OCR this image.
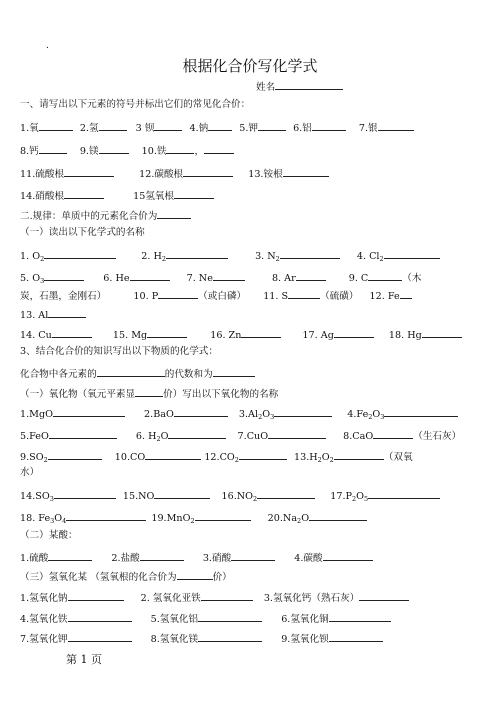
.
根据化合价写化学式
姓名
一、请写出以下元素的符号并标出它们的常见化合价：
1.氧	2.氢	3 钡	4.钠	5.钾	6.铝	7.银
8.钙	9.镁	10.铁	，
11.硫酸根	12.碳酸根	13.铵根
14.硝酸根	15氢氧根
二.规律：单质中的元素化合价为
（一）读出以下化学式的名称
1. $O_2$	2. $H_2$	3. $N_2$	4. $Cl_2$
5. $O_3$	6. He	7. Ne	8. Ar	9. C	（木
炭，石墨，金刚石）	10. P	（或白磷） 11. S	（硫磺） 12. Fe
13. Al
14. Cu	15. Mg	16. Zn	17. Ag	18. Hg
3、结合化合价的知识写出以下物质的化学式：
化合物中各元素的	的代数和为
（一）氧化物（氧元平素显	价）写出以下氧化物的名称
1.MgO	2.BaO	$3.Al_2O_3$	$4.Fe_2O_3$
5.FeO	6. $H_2O$	7.CuO	8.CaO	（生石灰）
$9.SO_2$	10.CO	$12.CO_2$	$13.H_2O_2$	（双氧
水）
$14.SO_3$	15.NO	$16.NO_2$	$17.P_2O_5$
18. $Fe_3O_4$	19.MnO$_2$	$20.Na_2O$
（二）某酸：
1.硫酸	2.盐酸	3.硝酸	4.碳酸
（三）氢氧化某 （氢氧根的化合价为	价）
1.氢氧化钠	2. 氢氧化亚铁	3.氢氧化钙（熟石灰）
4.氢氧化铁	5.氢氧化铝	6.氢氧化铜
7.氢氧化钾	8.氢氧化镁	9.氢氧化钡
第 1 页
